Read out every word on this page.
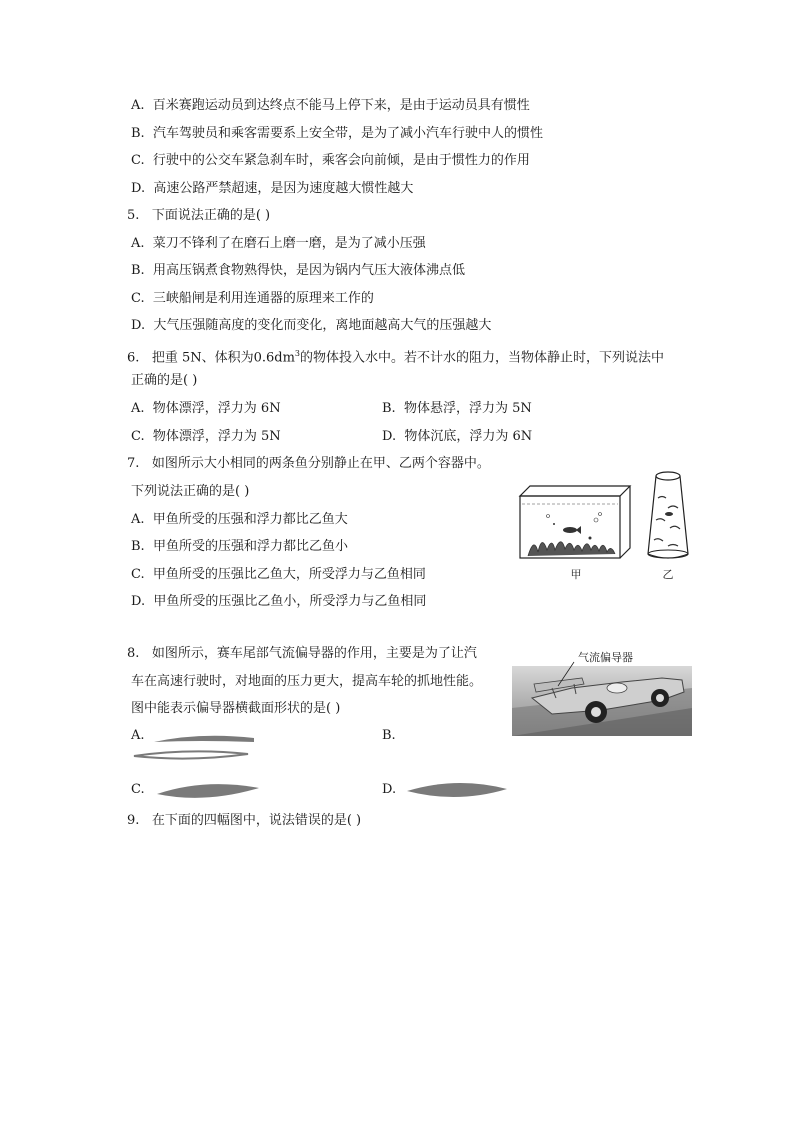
A. 百米赛跑运动员到达终点不能马上停下来，是由于运动员具有惯性
B. 汽车驾驶员和乘客需要系上安全带，是为了减小汽车行驶中人的惯性
C. 行驶中的公交车紧急刹车时，乘客会向前倾，是由于惯性力的作用
D. 高速公路严禁超速，是因为速度越大惯性越大
5. 下面说法正确的是( )
A. 菜刀不锋利了在磨石上磨一磨，是为了减小压强
B. 用高压锅煮食物熟得快，是因为锅内气压大液体沸点低
C. 三峡船闸是利用连通器的原理来工作的
D. 大气压强随高度的变化而变化，离地面越高大气的压强越大
6. 把重 5N、体积为$0.6dm^3$的物体投入水中。若不计水的阻力，当物体静止时，下列说法中
正确的是( )
A. 物体漂浮，浮力为 6N	B. 物体悬浮，浮力为 5N
C. 物体漂浮，浮力为 5N	D. 物体沉底，浮力为 6N
7. 如图所示大小相同的两条鱼分别静止在甲、乙两个容器中。
下列说法正确的是( )
A. 甲鱼所受的压强和浮力都比乙鱼大
B. 甲鱼所受的压强和浮力都比乙鱼小
C. 甲鱼所受的压强比乙鱼大，所受浮力与乙鱼相同
D. 甲鱼所受的压强比乙鱼小，所受浮力与乙鱼相同
甲	乙
8. 如图所示，赛车尾部气流偏导器的作用，主要是为了让汽
车在高速行驶时，对地面的压力更大，提高车轮的抓地性能。
图中能表示偏导器横截面形状的是( )
气流偏导器
A.	B.
C.	D.
9. 在下面的四幅图中，说法错误的是( )
